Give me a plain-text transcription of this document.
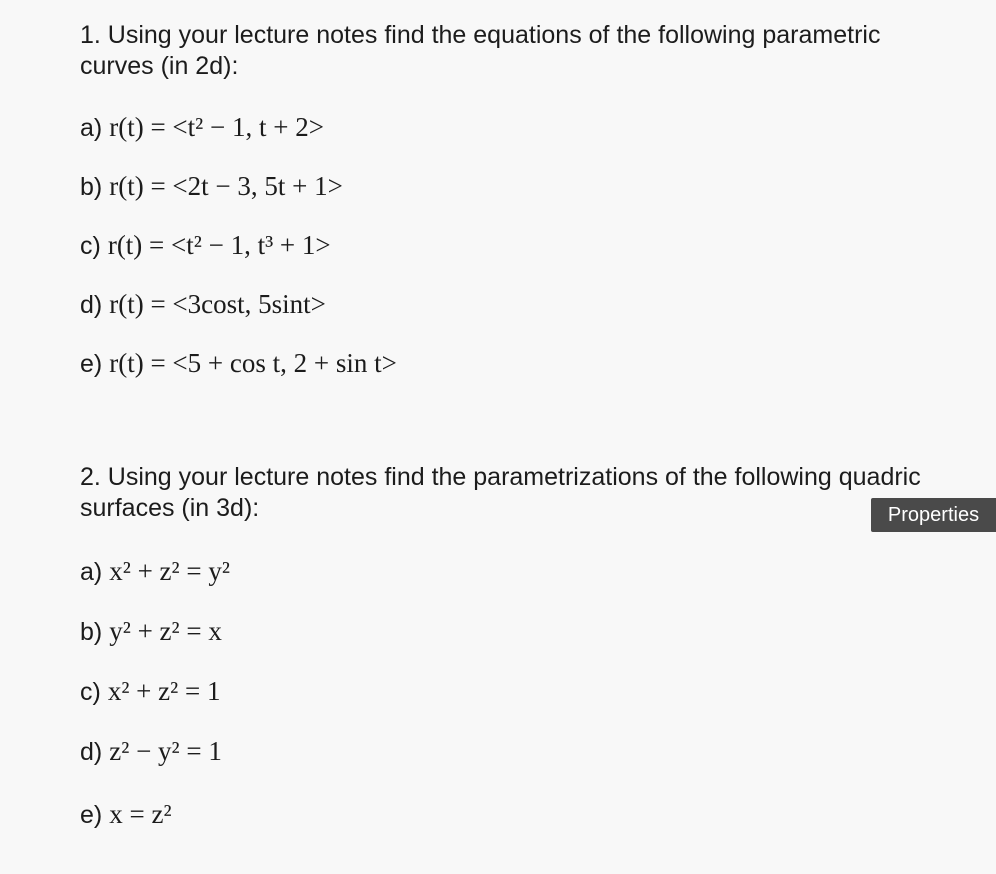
1. Using your lecture notes find the equations of the following parametric curves (in 2d):

a) r(t) = <t² − 1, t + 2>
b) r(t) = <2t − 3, 5t + 1>
c) r(t) = <t² − 1, t³ + 1>
d) r(t) = <3cost, 5sint>
e) r(t) = <5 + cos t, 2 + sin t>

2. Using your lecture notes find the parametrizations of the following quadric surfaces (in 3d):	Properties
a) x² + z² = y²
b) y² + z² = x
c) x² + z² = 1
d) z² − y² = 1
e) x = z²
